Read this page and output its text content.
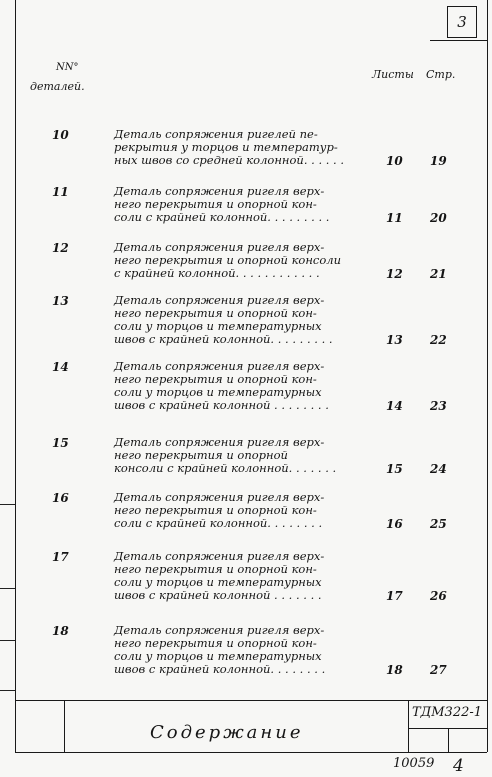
3
NN°
деталей.
Листы Стр.
10	Деталь сопряжения ригелей пе-
рекрытия у торцов и температур-
ных швов со средней колонной. . . . . .	10 19
11	Деталь сопряжения ригеля верх-
него перекрытия и опорной кон-
соли с крайней колонной. . . . . . . . .	11 20
12	Деталь сопряжения ригеля верх-
него перекрытия и опорной консоли
с крайней колонной. . . . . . . . . . . .	12 21
13	Деталь сопряжения ригеля верх-
него перекрытия и опорной кон-
соли у торцов и температурных
швов с крайней колонной. . . . . . . . .	13 22
14	Деталь сопряжения ригеля верх-
него перекрытия и опорной кон-
соли у торцов и температурных
швов с крайней колонной . . . . . . . .	14 23
15	Деталь сопряжения ригеля верх-
него перекрытия и опорной
консоли с крайней колонной. . . . . . .	15 24
16	Деталь сопряжения ригеля верх-
него перекрытия и опорной кон-
соли с крайней колонной. . . . . . . .	16 25
17	Деталь сопряжения ригеля верх-
него перекрытия и опорной кон-
соли у торцов и температурных
швов с крайней колонной . . . . . . .	17 26
18	Деталь сопряжения ригеля верх-
него перекрытия и опорной кон-
соли у торцов и температурных
швов с крайней колонной. . . . . . . .	18 27
Содержание
ТДМ322-1
10059 4
